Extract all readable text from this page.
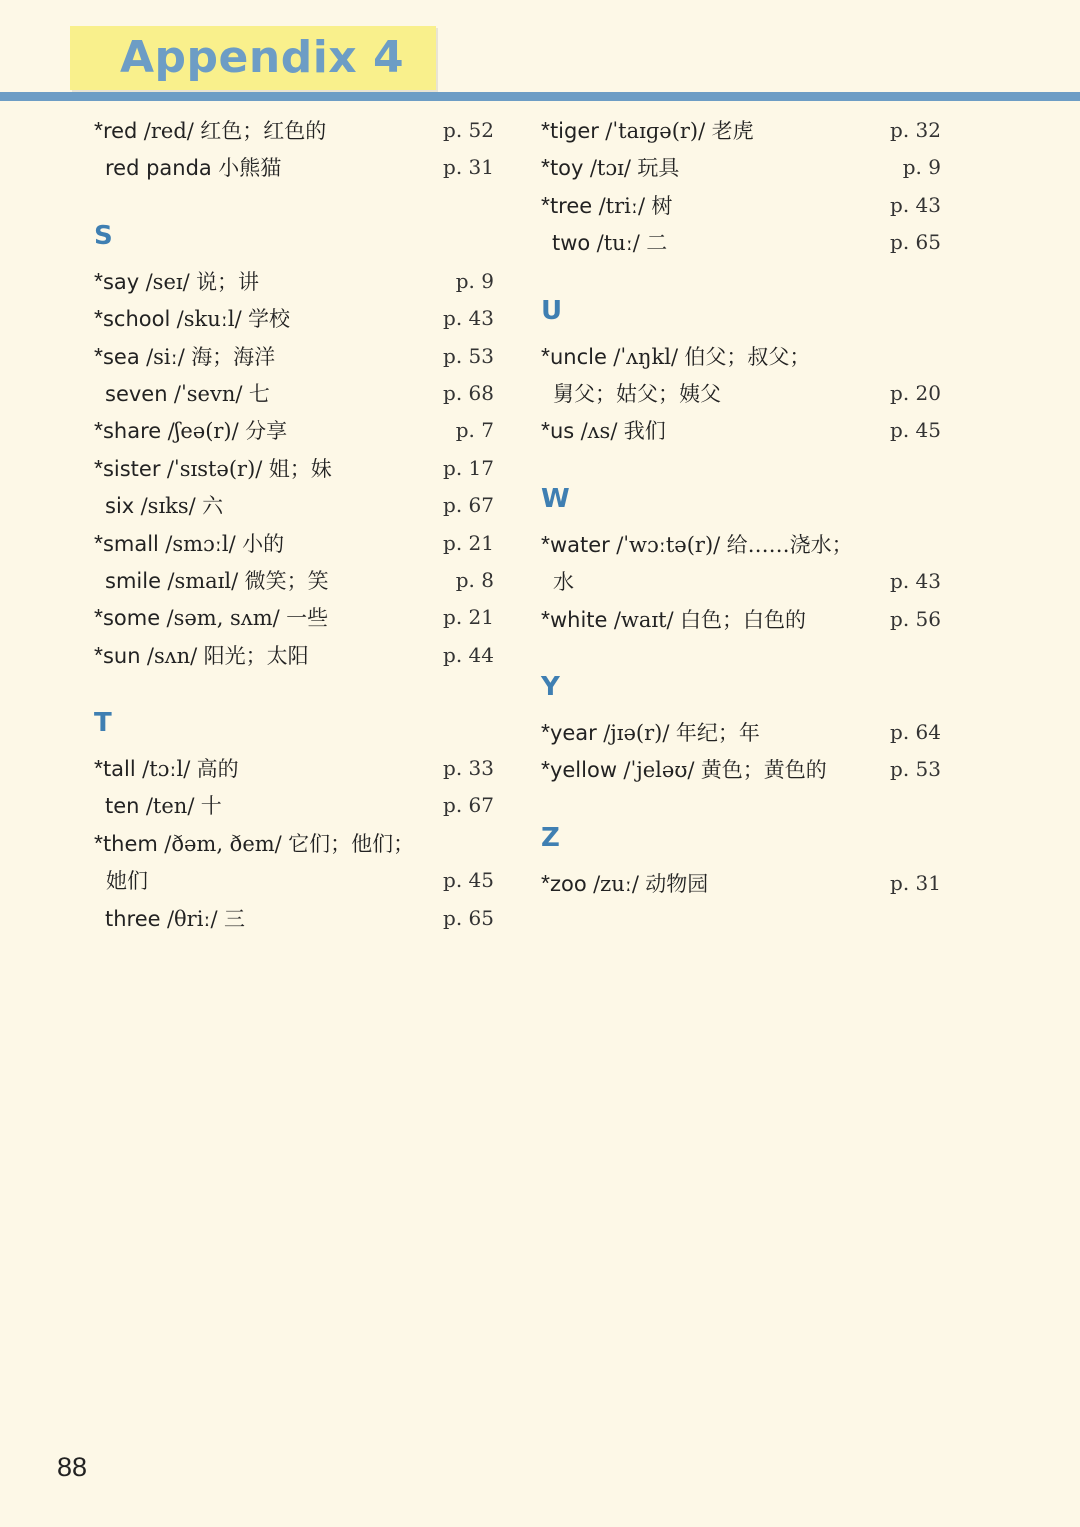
Appendix 4
*red /red/ 红色；红色的	p. 52
red panda 小熊猫	p. 31
S
*say /seɪ/ 说；讲	p. 9
*school /skuːl/ 学校	p. 43
*sea /siː/ 海；海洋	p. 53
seven /ˈsevn/ 七	p. 68
*share /ʃeə(r)/ 分享	p. 7
*sister /ˈsɪstə(r)/ 姐；妹	p. 17
six /sɪks/ 六	p. 67
*small /smɔːl/ 小的	p. 21
smile /smaɪl/ 微笑；笑	p. 8
*some /səm, sʌm/ 一些	p. 21
*sun /sʌn/ 阳光；太阳	p. 44
T
*tall /tɔːl/ 高的	p. 33
ten /ten/ 十	p. 67
*them /ðəm, ðem/ 它们；他们；
她们	p. 45
three /θriː/ 三	p. 65
*tiger /ˈtaɪɡə(r)/ 老虎	p. 32
*toy /tɔɪ/ 玩具	p. 9
*tree /triː/ 树	p. 43
two /tuː/ 二	p. 65
U
*uncle /ˈʌŋkl/ 伯父；叔父；
舅父；姑父；姨父	p. 20
*us /ʌs/ 我们	p. 45
W
*water /ˈwɔːtə(r)/ 给……浇水；
水	p. 43
*white /waɪt/ 白色；白色的	p. 56
Y
*year /jɪə(r)/ 年纪；年	p. 64
*yellow /ˈjeləʊ/ 黄色；黄色的	p. 53
Z
*zoo /zuː/ 动物园	p. 31
88
